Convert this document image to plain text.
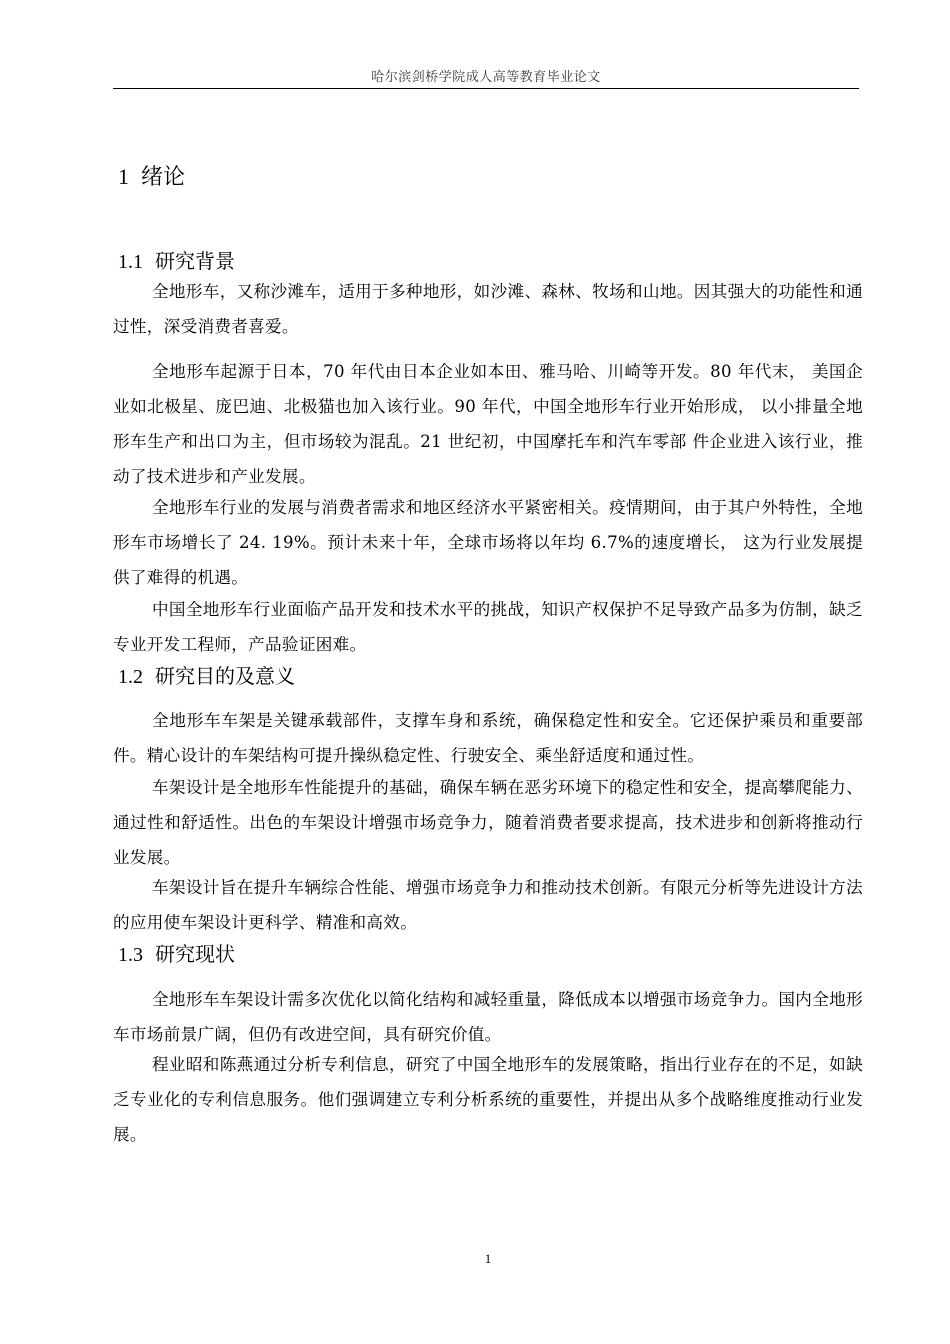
哈尔滨剑桥学院成人高等教育毕业论文
1 绪论
1.1 研究背景

全地形车，又称沙滩车，适用于多种地形，如沙滩、森林、牧场和山地。因其强大的功能性和通过性，深受消费者喜爱。

全地形车起源于日本，70 年代由日本企业如本田、雅马哈、川崎等开发。80 年代末， 美国企业如北极星、庞巴迪、北极猫也加入该行业。90 年代，中国全地形车行业开始形成， 以小排量全地形车生产和出口为主，但市场较为混乱。21 世纪初，中国摩托车和汽车零部 件企业进入该行业，推动了技术进步和产业发展。

全地形车行业的发展与消费者需求和地区经济水平紧密相关。疫情期间，由于其户外特性，全地形车市场增长了 24. 19%。预计未来十年，全球市场将以年均 6.7%的速度增长， 这为行业发展提供了难得的机遇。

中国全地形车行业面临产品开发和技术水平的挑战，知识产权保护不足导致产品多为仿制，缺乏专业开发工程师，产品验证困难。

1.2 研究目的及意义

全地形车车架是关键承载部件，支撑车身和系统，确保稳定性和安全。它还保护乘员和重要部件。精心设计的车架结构可提升操纵稳定性、行驶安全、乘坐舒适度和通过性。

车架设计是全地形车性能提升的基础，确保车辆在恶劣环境下的稳定性和安全，提高攀爬能力、通过性和舒适性。出色的车架设计增强市场竞争力，随着消费者要求提高，技术进步和创新将推动行业发展。

车架设计旨在提升车辆综合性能、增强市场竞争力和推动技术创新。有限元分析等先进设计方法的应用使车架设计更科学、精准和高效。

1.3 研究现状

全地形车车架设计需多次优化以简化结构和减轻重量，降低成本以增强市场竞争力。国内全地形车市场前景广阔，但仍有改进空间，具有研究价值。

程业昭和陈燕通过分析专利信息，研究了中国全地形车的发展策略，指出行业存在的不足，如缺乏专业化的专利信息服务。他们强调建立专利分析系统的重要性，并提出从多个战略维度推动行业发展。

1
